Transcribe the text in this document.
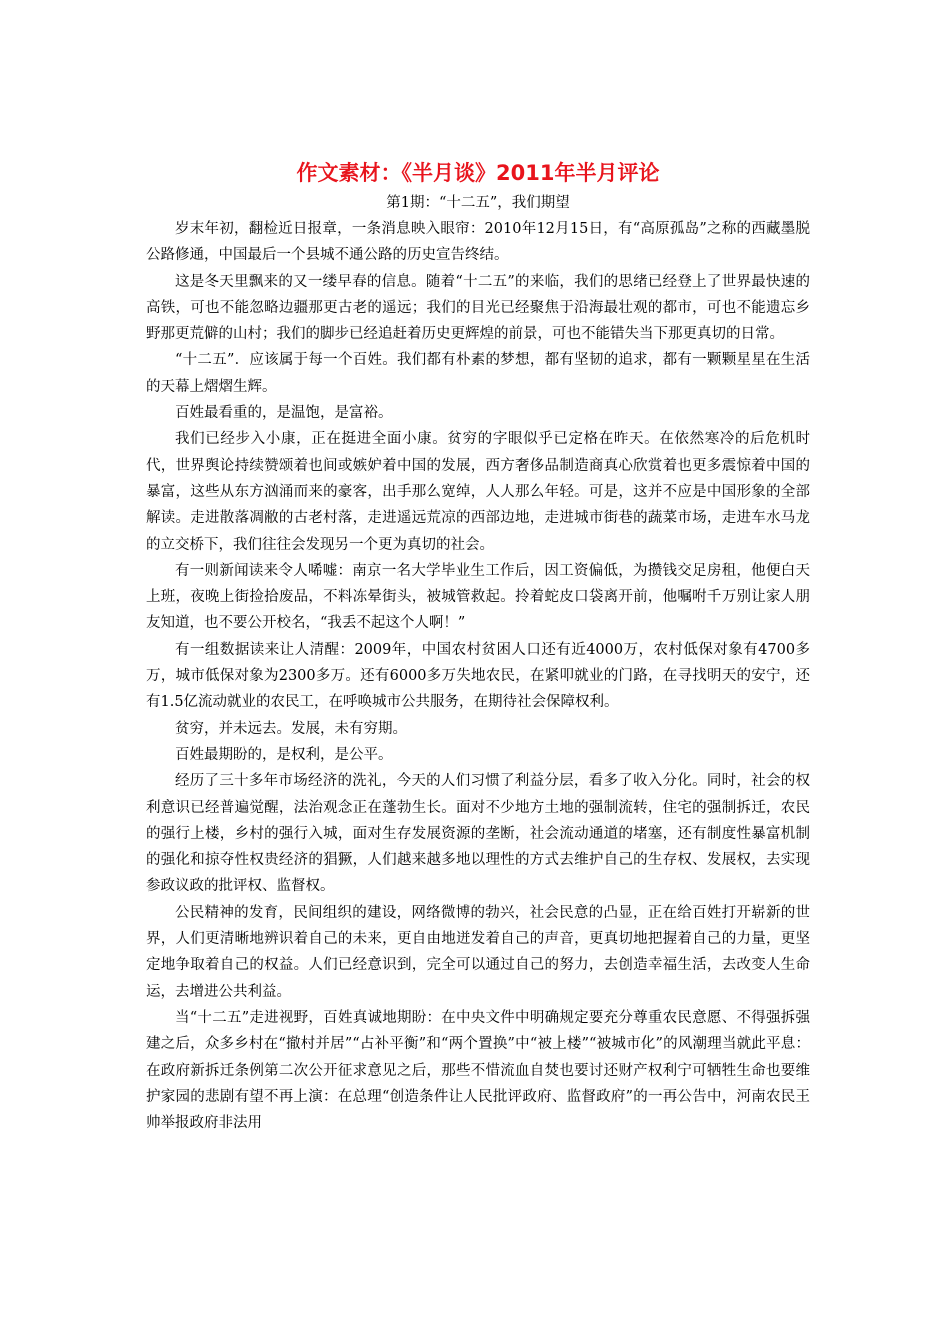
作文素材：《半月谈》2011年半月评论

第1期：“十二五”，我们期望

岁末年初，翻检近日报章，一条消息映入眼帘：2010年12月15日，有“高原孤岛”之称的西藏墨脱公路修通，中国最后一个县城不通公路的历史宣告终结。

这是冬天里飘来的又一缕早春的信息。随着“十二五”的来临，我们的思绪已经登上了世界最快速的高铁，可也不能忽略边疆那更古老的遥远；我们的目光已经聚焦于沿海最壮观的都市，可也不能遗忘乡野那更荒僻的山村；我们的脚步已经追赶着历史更辉煌的前景，可也不能错失当下那更真切的日常。

“十二五”．应该属于每一个百姓。我们都有朴素的梦想，都有坚韧的追求，都有一颗颗星星在生活的天幕上熠熠生辉。

百姓最看重的，是温饱，是富裕。

我们已经步入小康，正在挺进全面小康。贫穷的字眼似乎已定格在昨天。在依然寒冷的后危机时代，世界舆论持续赞颂着也间或嫉妒着中国的发展，西方奢侈品制造商真心欣赏着也更多震惊着中国的暴富，这些从东方汹涌而来的豪客，出手那么宽绰，人人那么年轻。可是，这并不应是中国形象的全部解读。走进散落凋敝的古老村落，走进遥远荒凉的西部边地，走进城市街巷的蔬菜市场，走进车水马龙的立交桥下，我们往往会发现另一个更为真切的社会。

有一则新闻读来令人唏嘘：南京一名大学毕业生工作后，因工资偏低，为攒钱交足房租，他便白天上班，夜晚上街捡拾废品，不料冻晕街头，被城管救起。拎着蛇皮口袋离开前，他嘱咐千万别让家人朋友知道，也不要公开校名，“我丢不起这个人啊！”

有一组数据读来让人清醒：2009年，中国农村贫困人口还有近4000万，农村低保对象有4700多万，城市低保对象为2300多万。还有6000多万失地农民，在紧叩就业的门路，在寻找明天的安宁，还有1.5亿流动就业的农民工，在呼唤城市公共服务，在期待社会保障权利。

贫穷，并未远去。发展，未有穷期。

百姓最期盼的，是权利，是公平。

经历了三十多年市场经济的洗礼，今天的人们习惯了利益分层，看多了收入分化。同时，社会的权利意识已经普遍觉醒，法治观念正在蓬勃生长。面对不少地方土地的强制流转，住宅的强制拆迁，农民的强行上楼，乡村的强行入城，面对生存发展资源的垄断，社会流动通道的堵塞，还有制度性暴富机制的强化和掠夺性权贵经济的猖獗，人们越来越多地以理性的方式去维护自己的生存权、发展权，去实现参政议政的批评权、监督权。

公民精神的发育，民间组织的建设，网络微博的勃兴，社会民意的凸显，正在给百姓打开崭新的世界，人们更清晰地辨识着自己的未来，更自由地迸发着自己的声音，更真切地把握着自己的力量，更坚定地争取着自己的权益。人们已经意识到，完全可以通过自己的努力，去创造幸福生活，去改变人生命运，去增进公共利益。

当“十二五”走进视野，百姓真诚地期盼：在中央文件中明确规定要充分尊重农民意愿、不得强拆强建之后，众多乡村在“撤村并居”“占补平衡”和“两个置换”中“被上楼”“被城市化”的风潮理当就此平息：在政府新拆迁条例第二次公开征求意见之后，那些不惜流血自焚也要讨还财产权利宁可牺牲生命也要维护家园的悲剧有望不再上演：在总理“创造条件让人民批评政府、监督政府”的一再公告中，河南农民王帅举报政府非法用
